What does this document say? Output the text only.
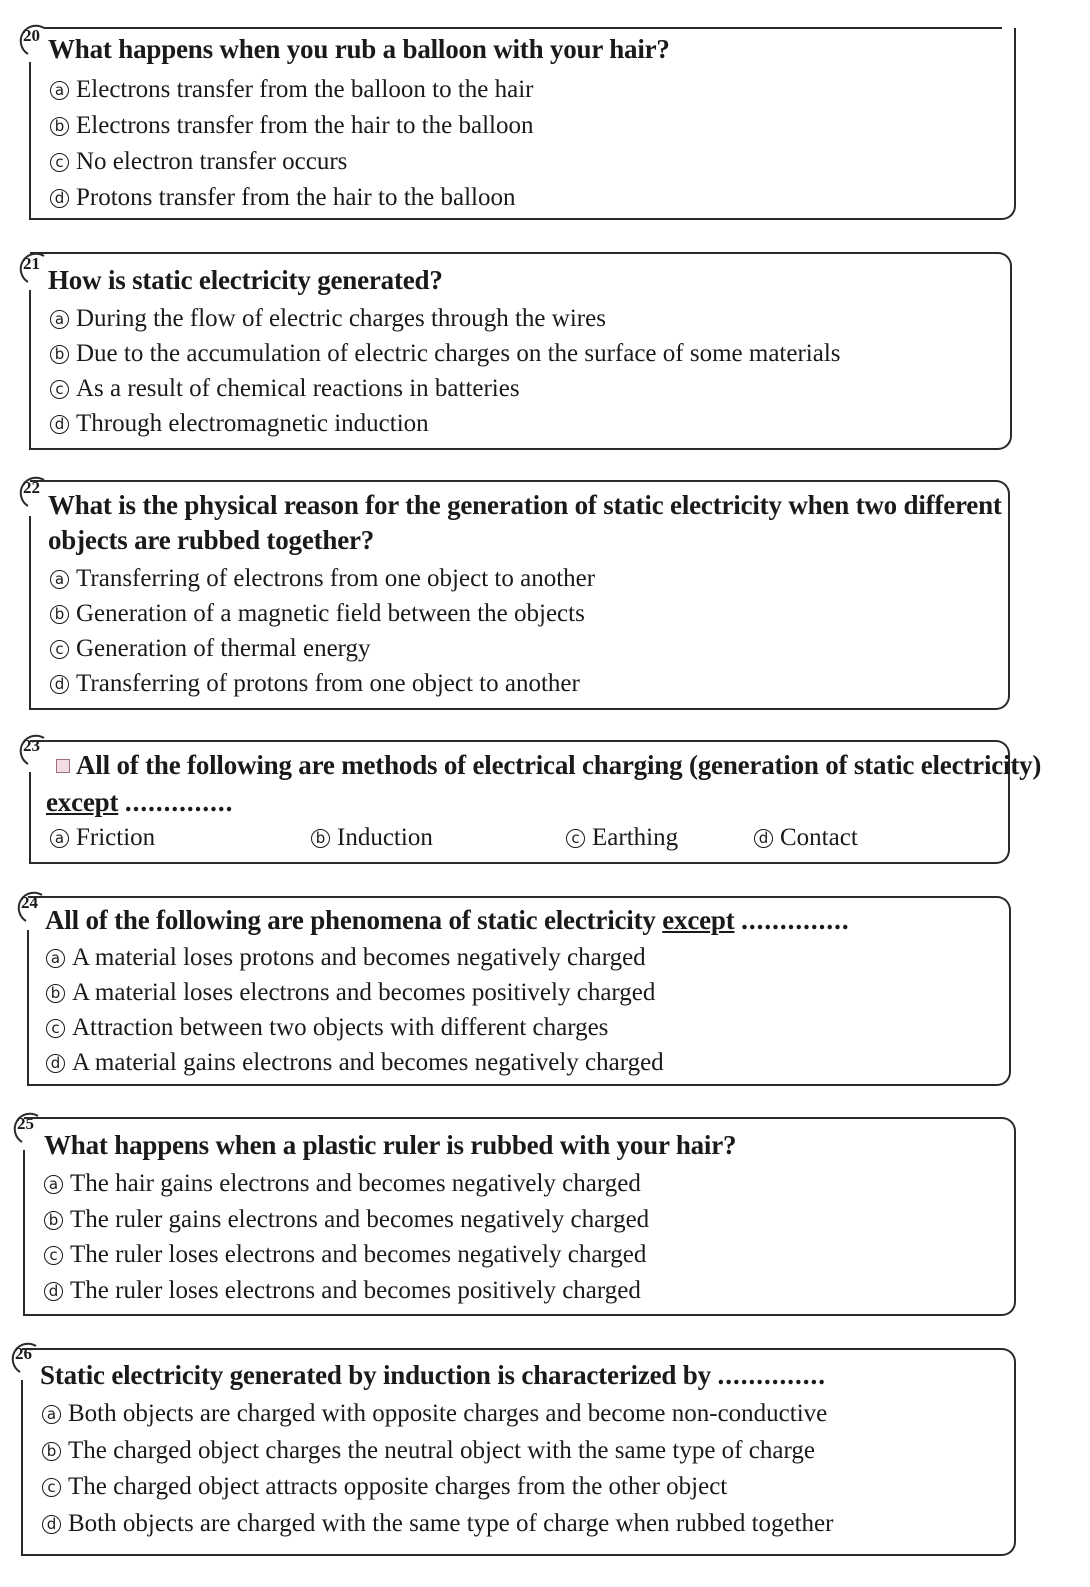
20 What happens when you rub a balloon with your hair?
a Electrons transfer from the balloon to the hair
b Electrons transfer from the hair to the balloon
c No electron transfer occurs
d Protons transfer from the hair to the balloon
21
How is static electricity generated?
a During the flow of electric charges through the wires
b Due to the accumulation of electric charges on the surface of some materials
c As a result of chemical reactions in batteries
d Through electromagnetic induction
22
What is the physical reason for the generation of static electricity when two different
objects are rubbed together?
a Transferring of electrons from one object to another
b Generation of a magnetic field between the objects
c Generation of thermal energy
d Transferring of protons from one object to another
23
All of the following are methods of electrical charging (generation of static electricity)
except ..............
a Friction	b Induction	c Earthing	d Contact
24
All of the following are phenomena of static electricity except ..............
a A material loses protons and becomes negatively charged
b A material loses electrons and becomes positively charged
c Attraction between two objects with different charges
d A material gains electrons and becomes negatively charged
25
What happens when a plastic ruler is rubbed with your hair?
a The hair gains electrons and becomes negatively charged
b The ruler gains electrons and becomes negatively charged
c The ruler loses electrons and becomes negatively charged
d The ruler loses electrons and becomes positively charged
26
Static electricity generated by induction is characterized by ..............
a Both objects are charged with opposite charges and become non-conductive
b The charged object charges the neutral object with the same type of charge
c The charged object attracts opposite charges from the other object
d Both objects are charged with the same type of charge when rubbed together
